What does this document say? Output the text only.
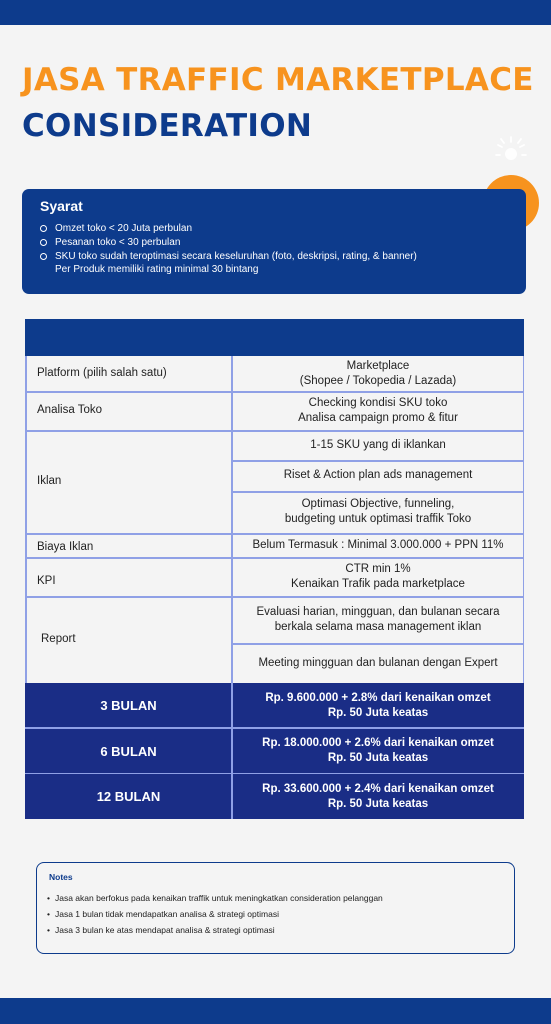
JASA TRAFFIC MARKETPLACE
CONSIDERATION
Syarat
Omzet toko < 20 Juta perbulan
Pesanan toko < 30 perbulan
SKU toko sudah teroptimasi secara keseluruhan (foto, deskripsi, rating, & banner)
Per Produk memiliki rating minimal 30 bintang
Platform (pilih salah satu)
Marketplace
(Shopee / Tokopedia / Lazada)
Analisa Toko
Checking kondisi SKU toko
Analisa campaign promo & fitur
Iklan
1-15 SKU yang di iklankan
Riset & Action plan ads management
Optimasi Objective, funneling,
budgeting untuk optimasi traffik Toko
Biaya Iklan	Belum Termasuk : Minimal 3.000.000 + PPN 11%
KPI
CTR min 1%
Kenaikan Trafik pada marketplace
Report
Evaluasi harian, mingguan, dan bulanan secara
berkala selama masa management iklan
Meeting mingguan dan bulanan dengan Expert
3 BULAN
Rp. 9.600.000 + 2.8% dari kenaikan omzet
Rp. 50 Juta keatas
6 BULAN
Rp. 18.000.000 + 2.6% dari kenaikan omzet
Rp. 50 Juta keatas
12 BULAN
Rp. 33.600.000 + 2.4% dari kenaikan omzet
Rp. 50 Juta keatas
Notes
• Jasa akan berfokus pada kenaikan traffik untuk meningkatkan consideration pelanggan
• Jasa 1 bulan tidak mendapatkan analisa & strategi optimasi
• Jasa 3 bulan ke atas mendapat analisa & strategi optimasi
